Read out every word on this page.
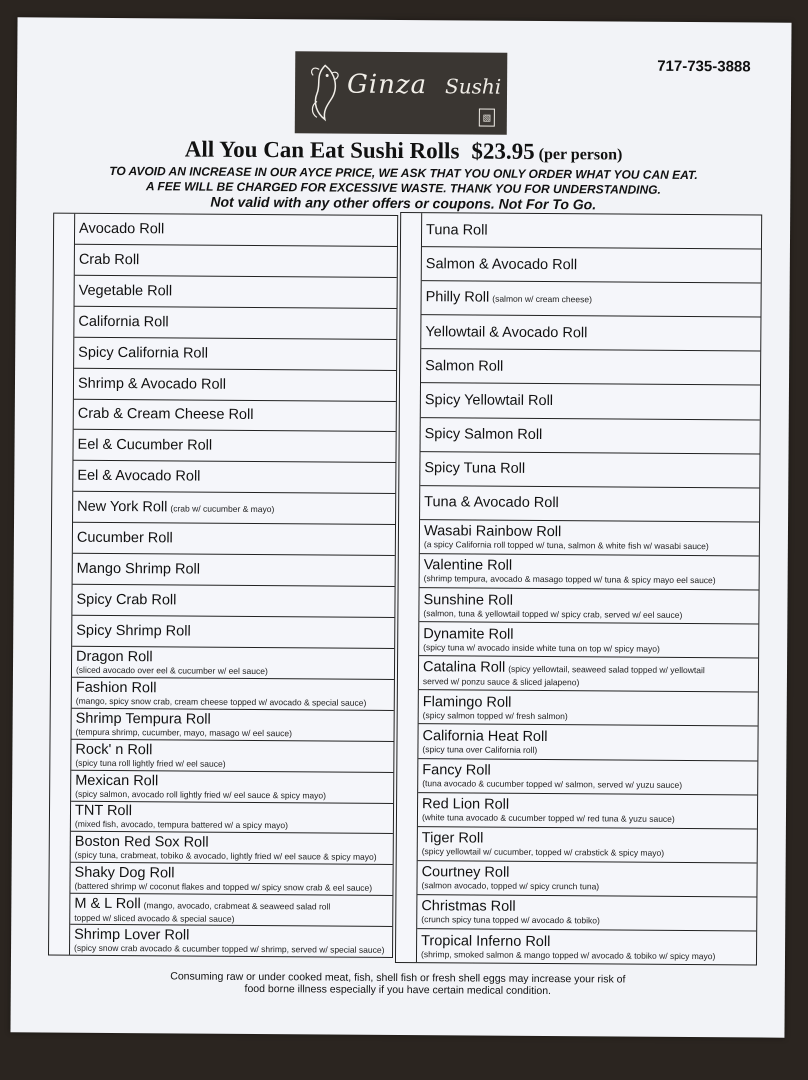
Ginza Sushi
▧
717-735-3888
All You Can Eat Sushi Rolls $23.95 (per person)
TO AVOID AN INCREASE IN OUR AYCE PRICE, WE ASK THAT YOU ONLY ORDER WHAT YOU CAN EAT.
A FEE WILL BE CHARGED FOR EXCESSIVE WASTE. THANK YOU FOR UNDERSTANDING.
Not valid with any other offers or coupons. Not For To Go.
Avocado Roll
Crab Roll
Vegetable Roll
California Roll
Spicy California Roll
Shrimp & Avocado Roll
Crab & Cream Cheese Roll
Eel & Cucumber Roll
Eel & Avocado Roll
New York Roll (crab w/ cucumber & mayo)
Cucumber Roll
Mango Shrimp Roll
Spicy Crab Roll
Spicy Shrimp Roll
Dragon Roll
(sliced avocado over eel & cucumber w/ eel sauce)
Fashion Roll
(mango, spicy snow crab, cream cheese topped w/ avocado & special sauce)
Shrimp Tempura Roll
(tempura shrimp, cucumber, mayo, masago w/ eel sauce)
Rock' n Roll
(spicy tuna roll lightly fried w/ eel sauce)
Mexican Roll
(spicy salmon, avocado roll lightly fried w/ eel sauce & spicy mayo)
TNT Roll
(mixed fish, avocado, tempura battered w/ a spicy mayo)
Boston Red Sox Roll
(spicy tuna, crabmeat, tobiko & avocado, lightly fried w/ eel sauce & spicy mayo)
Shaky Dog Roll
(battered shrimp w/ coconut flakes and topped w/ spicy snow crab & eel sauce)
M & L Roll (mango, avocado, crabmeat & seaweed salad roll
topped w/ sliced avocado & special sauce)
Shrimp Lover Roll
(spicy snow crab avocado & cucumber topped w/ shrimp, served w/ special sauce)
Tuna Roll
Salmon & Avocado Roll
Philly Roll (salmon w/ cream cheese)
Yellowtail & Avocado Roll
Salmon Roll
Spicy Yellowtail Roll
Spicy Salmon Roll
Spicy Tuna Roll
Tuna & Avocado Roll
Wasabi Rainbow Roll
(a spicy California roll topped w/ tuna, salmon & white fish w/ wasabi sauce)
Valentine Roll
(shrimp tempura, avocado & masago topped w/ tuna & spicy mayo eel sauce)
Sunshine Roll
(salmon, tuna & yellowtail topped w/ spicy crab, served w/ eel sauce)
Dynamite Roll
(spicy tuna w/ avocado inside white tuna on top w/ spicy mayo)
Catalina Roll (spicy yellowtail, seaweed salad topped w/ yellowtail
served w/ ponzu sauce & sliced jalapeno)
Flamingo Roll
(spicy salmon topped w/ fresh salmon)
California Heat Roll
(spicy tuna over California roll)
Fancy Roll
(tuna avocado & cucumber topped w/ salmon, served w/ yuzu sauce)
Red Lion Roll
(white tuna avocado & cucumber topped w/ red tuna & yuzu sauce)
Tiger Roll
(spicy yellowtail w/ cucumber, topped w/ crabstick & spicy mayo)
Courtney Roll
(salmon avocado, topped w/ spicy crunch tuna)
Christmas Roll
(crunch spicy tuna topped w/ avocado & tobiko)
Tropical Inferno Roll
(shrimp, smoked salmon & mango topped w/ avocado & tobiko w/ spicy mayo)
Consuming raw or under cooked meat, fish, shell fish or fresh shell eggs may increase your risk of
food borne illness especially if you have certain medical condition.
